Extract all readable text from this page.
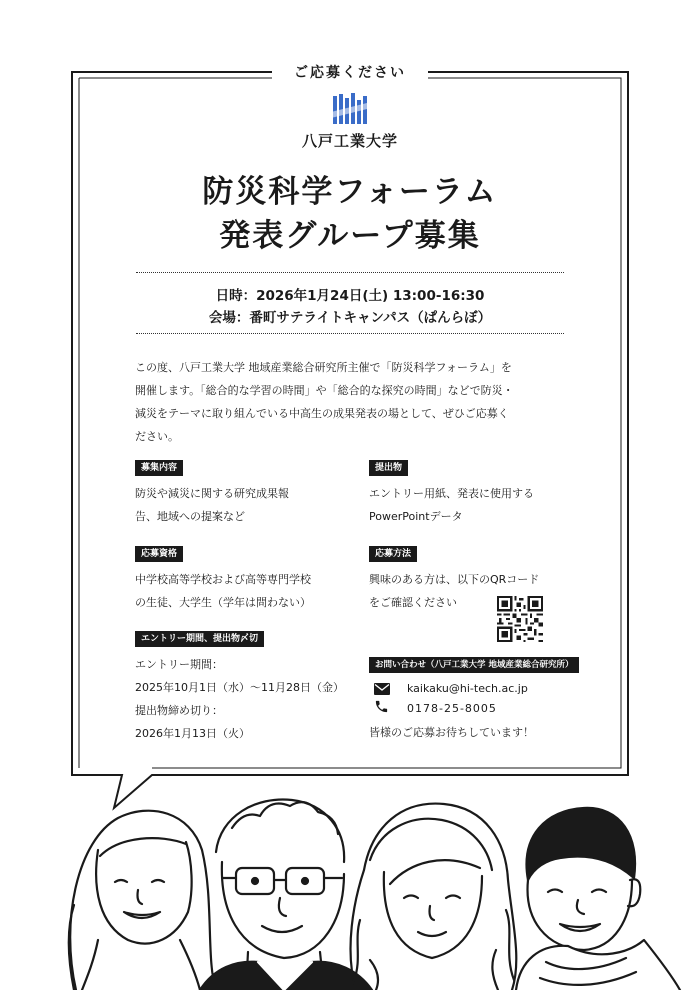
ご応募ください
八戸工業大学
防災科学フォーラム
発表グループ募集
日時：2026年1月24日(土) 13:00-16:30
会場：番町サテライトキャンパス（ぱんらぼ）
この度、八戸工業大学 地域産業総合研究所主催で「防災科学フォーラム」を
開催します。「総合的な学習の時間」や「総合的な探究の時間」などで防災・
減災をテーマに取り組んでいる中高生の成果発表の場として、ぜひご応募く
ださい。
募集内容

防災や減災に関する研究成果報

告、地域への提案など

応募資格

中学校高等学校および高等専門学校

の生徒、大学生（学年は問わない）

エントリー期間、提出物〆切

エントリー期間：

2025年10月1日（水）～11月28日（金）

提出物締め切り：

2026年1月13日（火）

提出物

エントリー用紙、発表に使用する

PowerPointデータ

応募方法

興味のある方は、以下のQRコード

をご確認ください

お問い合わせ（八戸工業大学 地域産業総合研究所）
kaikaku@hi-tech.ac.jp
0178-25-8005
皆様のご応募お待ちしています！
